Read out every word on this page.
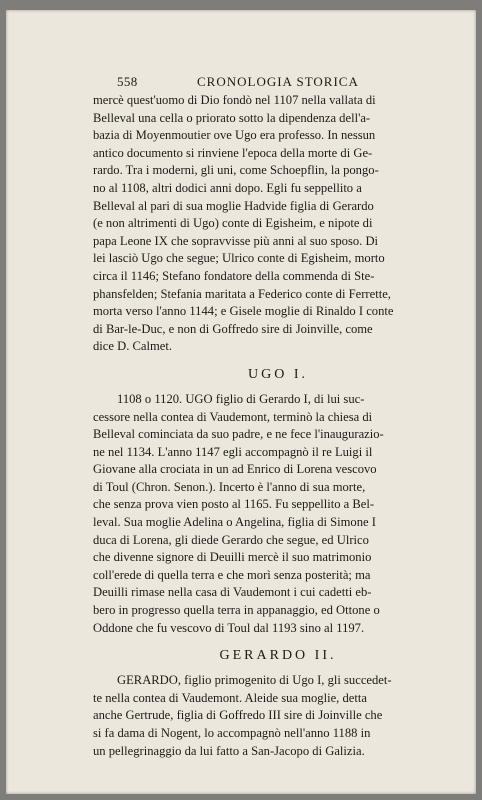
558	CRONOLOGIA STORICA
mercè quest'uomo di Dio fondò nel 1107 nella vallata di
Belleval una cella o priorato sotto la dipendenza dell'a-
bazia di Moyenmoutier ove Ugo era professo. In nessun
antico documento si rinviene l'epoca della morte di Ge-
rardo. Tra i moderni, gli uni, come Schoepflin, la pongo-
no al 1108, altri dodici anni dopo. Egli fu seppellito a
Belleval al pari di sua moglie Hadvide figlia di Gerardo
(e non altrimenti di Ugo) conte di Egisheim, e nipote di
papa Leone IX che sopravvisse più anni al suo sposo. Di
lei lasciò Ugo che segue; Ulrico conte di Egisheim, morto
circa il 1146; Stefano fondatore della commenda di Ste-
phansfelden; Stefania maritata a Federico conte di Ferrette,
morta verso l'anno 1144; e Gisele moglie di Rinaldo I conte
di Bar-le-Duc, e non di Goffredo sire di Joinville, come
dice D. Calmet.
UGO I.
1108 o 1120. UGO figlio di Gerardo I, di lui suc-
cessore nella contea di Vaudemont, terminò la chiesa di
Belleval cominciata da suo padre, e ne fece l'inaugurazio-
ne nel 1134. L'anno 1147 egli accompagnò il re Luigi il
Giovane alla crociata in un ad Enrico di Lorena vescovo
di Toul (Chron. Senon.). Incerto è l'anno di sua morte,
che senza prova vien posto al 1165. Fu seppellito a Bel-
leval. Sua moglie Adelina o Angelina, figlia di Simone I
duca di Lorena, gli diede Gerardo che segue, ed Ulrico
che divenne signore di Deuilli mercè il suo matrimonio
coll'erede di quella terra e che morì senza posterità; ma
Deuilli rimase nella casa di Vaudemont i cui cadetti eb-
bero in progresso quella terra in appanaggio, ed Ottone o
Oddone che fu vescovo di Toul dal 1193 sino al 1197.
GERARDO II.
GERARDO, figlio primogenito di Ugo I, gli succedet-
te nella contea di Vaudemont. Aleide sua moglie, detta
anche Gertrude, figlia di Goffredo III sire di Joinville che
si fa dama di Nogent, lo accompagnò nell'anno 1188 in
un pellegrinaggio da lui fatto a San-Jacopo di Galizia.
